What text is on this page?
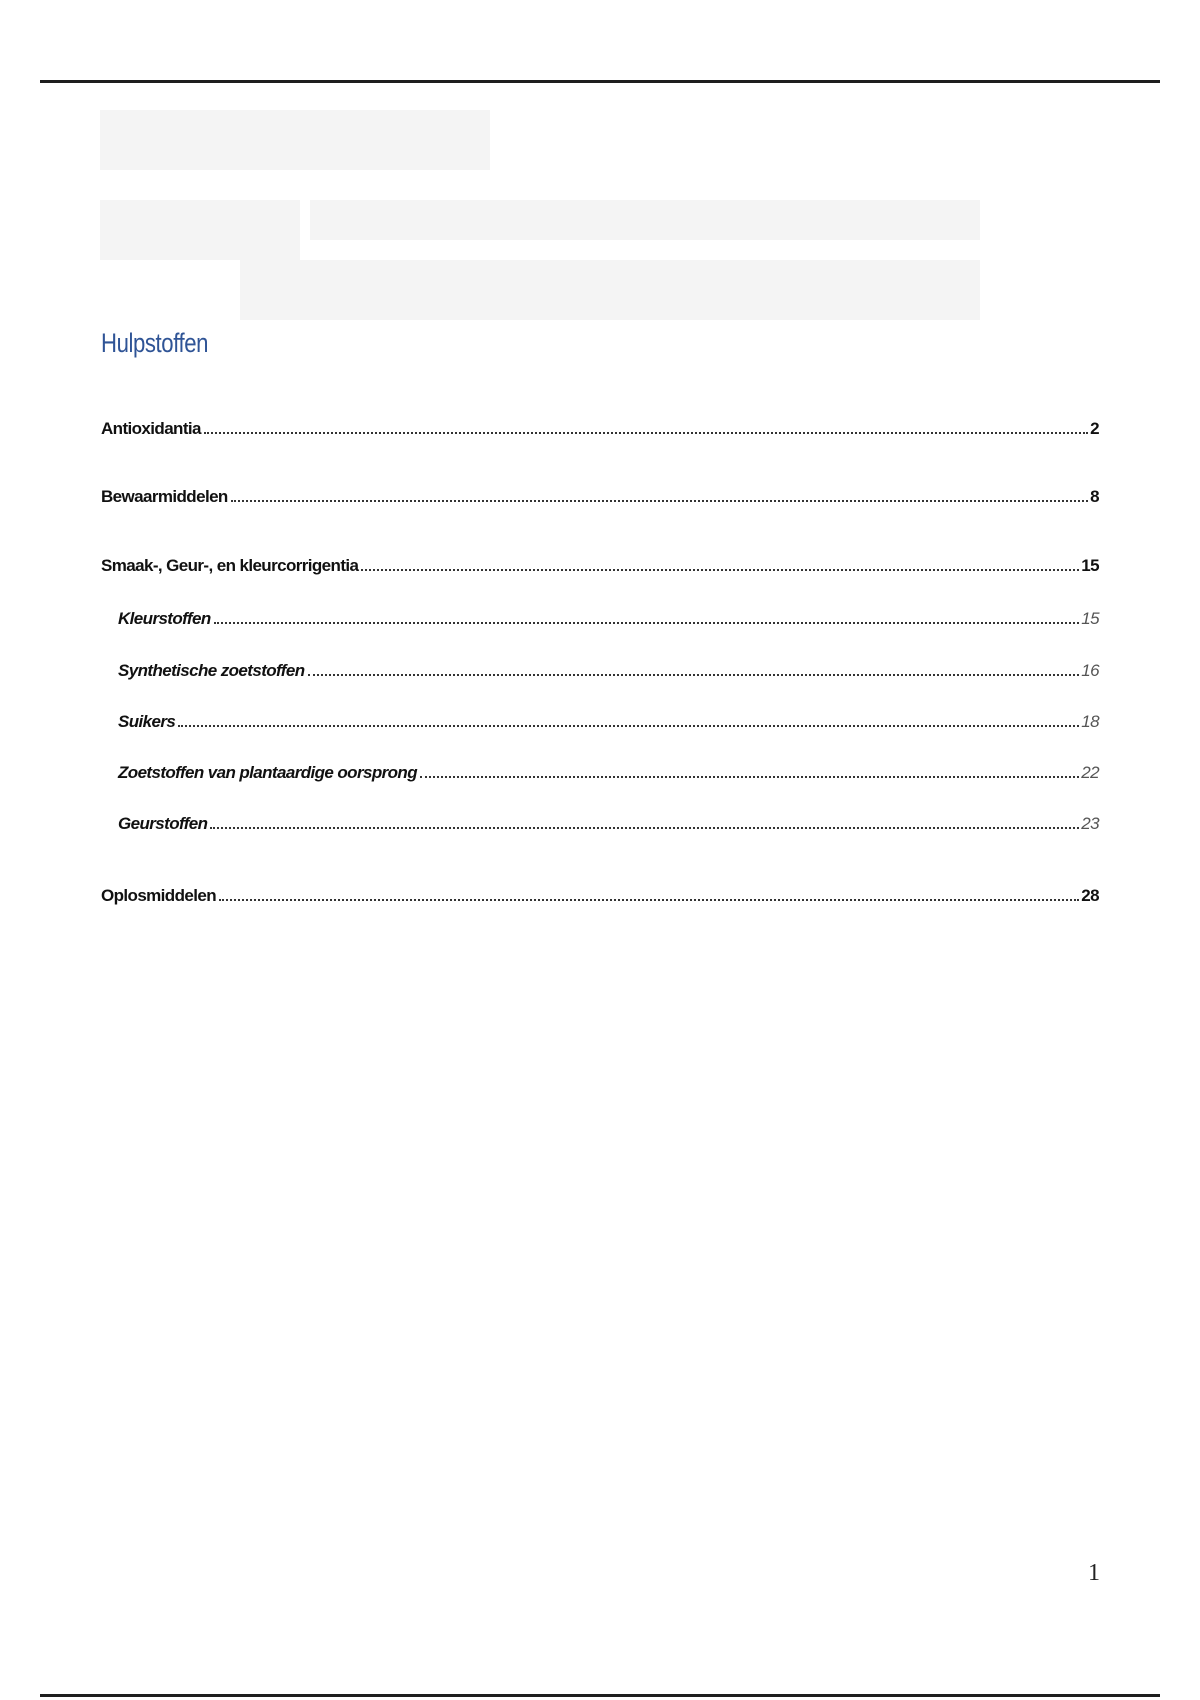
Hulpstoffen
Antioxidantia	2
Bewaarmiddelen	8
Smaak-, Geur-, en kleurcorrigentia	15
Kleurstoffen	15
Synthetische zoetstoffen	16
Suikers	18
Zoetstoffen van plantaardige oorsprong	22
Geurstoffen	23
Oplosmiddelen	28
1
